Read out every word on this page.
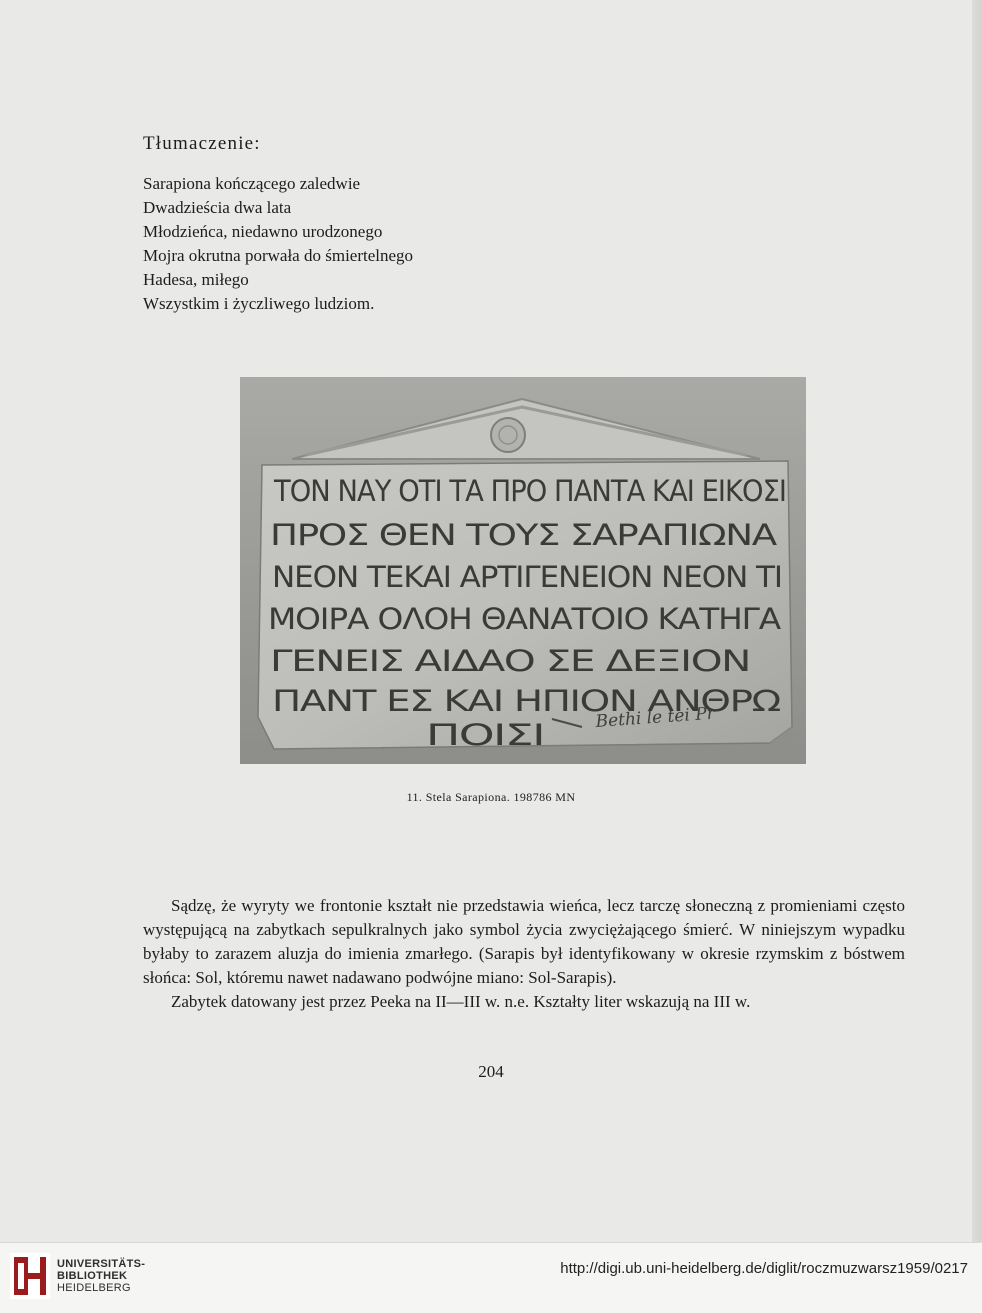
Tłumaczenie:
Sarapiona kończącego zaledwie
Dwadzieścia dwa lata
Młodzieńca, niedawno urodzonego
Mojra okrutna porwała do śmiertelnego
Hadesa, miłego
Wszystkim i życzliwego ludziom.
ΤΟΝ ΝΑΥ ΟΤΙ ΤΑ ΠΡΟ ΠΑΝΤΑ ΚΑΙ ΕΙΚΟΣΙ
ΠΡΟΣ ΘΕΝ ΤΟΥΣ ΣΑΡΑΠΙΩΝΑ
ΝΕΟΝ ΤΕΚΑΙ ΑΡΤΙΓΕΝΕΙΟΝ ΝΕΟΝ ΤΙ
ΜΟΙΡΑ ΟΛΟΗ ΘΑΝΑΤΟΙΟ ΚΑΤΗΓΑ
ΓΕΝΕΙΣ ΑΙΔΑΟ ΣΕ ΔΕΞΙΟΝ
ΠΑΝΤ ΕΣ ΚΑΙ ΗΠΙΟΝ ΑΝΘΡΩ
ΠΟΙΣΙ
Bethi le tei Pr
11. Stela Sarapiona. 198786 MN

Sądzę, że wyryty we frontonie kształt nie przedstawia wieńca, lecz tarczę słoneczną z promieniami często występującą na zabytkach sepulkralnych jako symbol życia zwyciężającego śmierć. W niniejszym wypadku byłaby to zarazem aluzja do imienia zmarłego. (Sarapis był identyfikowany w okresie rzymskim z bóstwem słońca: Sol, któremu nawet nadawano podwójne miano: Sol-Sarapis).

Zabytek datowany jest przez Peeka na II—III w. n.e. Kształty liter wskazują na III w.

204
UNIVERSITÄTS-
BIBLIOTHEK
HEIDELBERG
http://digi.ub.uni-heidelberg.de/diglit/roczmuzwarsz1959/0217
